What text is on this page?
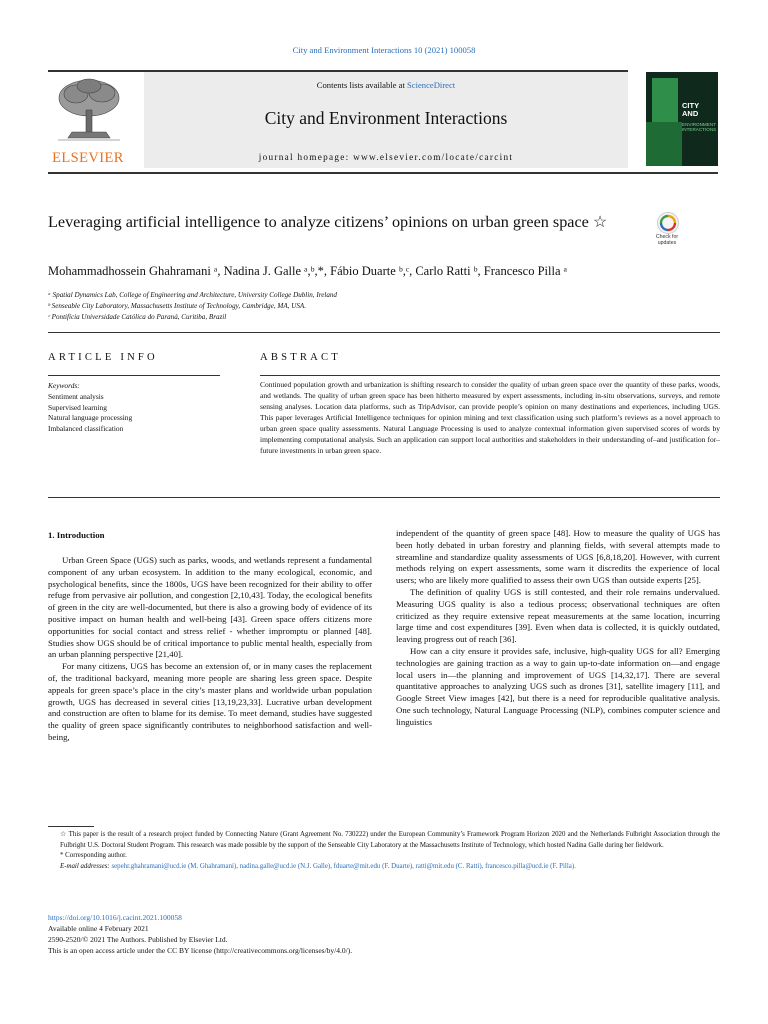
City and Environment Interactions 10 (2021) 100058
Contents lists available at ScienceDirect
City and Environment Interactions
journal homepage: www.elsevier.com/locate/carcint
ELSEVIER
CITY AND
ENVIRONMENT INTERACTIONS
Leveraging artificial intelligence to analyze citizens’ opinions on urban green space ☆
Check for updates
Mohammadhossein Ghahramani ᵃ, Nadina J. Galle ᵃ,ᵇ,*, Fábio Duarte ᵇ,ᶜ, Carlo Ratti ᵇ, Francesco Pilla ᵃ
ᵃ Spatial Dynamics Lab, College of Engineering and Architecture, University College Dublin, Ireland
ᵇ Senseable City Laboratory, Massachusetts Institute of Technology, Cambridge, MA, USA.
ᶜ Pontifícia Universidade Católica do Paraná, Curitiba, Brazil
ARTICLE INFO
Keywords:
Sentiment analysis
Supervised learning
Natural language processing
Imbalanced classification
ABSTRACT
Continued population growth and urbanization is shifting research to consider the quality of urban green space over the quantity of these parks, woods, and wetlands. The quality of urban green space has been hitherto measured by expert assessments, including in-situ observations, surveys, and remote sensing analyses. Location data platforms, such as TripAdvisor, can provide people’s opinion on many destinations and experiences, including UGS. This paper leverages Artificial Intelligence techniques for opinion mining and text classification using such platform’s reviews as a novel approach to urban green space quality assessments. Natural Language Processing is used to analyze contextual information given supervised scores of words by implementing computational analysis. Such an application can support local authorities and stakeholders in their understanding of–and justification for–future investments in urban green space.
1. Introduction

Urban Green Space (UGS) such as parks, woods, and wetlands represent a fundamental component of any urban ecosystem. In addition to the many ecological, economic, and psychological benefits, since the 1800s, UGS have been recognized for their ability to offer refuge from pervasive air pollution, and congestion [2,10,43]. Today, the ecological benefits of green in the city are well-documented, but there is also a growing body of evidence of its positive impact on human health and well-being [43]. Green space offers citizens more opportunities for social contact and stress relief - whether impromptu or planned [48]. Studies show UGS should be of critical importance to public mental health, especially from an urban planning perspective [21,40].

For many citizens, UGS has become an extension of, or in many cases the replacement of, the traditional backyard, meaning more people are sharing less green space. Despite appeals for green space’s place in the city’s master plans and worldwide urban population growth, UGS has decreased in several cities [13,19,23,33]. Lucrative urban development and construction are often to blame for its demise. To meet demand, studies have suggested the quality of green space significantly contributes to neighborhood satisfaction and well-being,

independent of the quantity of green space [48]. How to measure the quality of UGS has been hotly debated in urban forestry and planning fields, with several attempts made to streamline and standardize quality assessments of UGS [6,8,18,20]. However, with current methods relying on expert assessments, some warn it discredits the experience of local users; who are likely more qualified to assess their own UGS than outside experts [25].

The definition of quality UGS is still contested, and their role remains undervalued. Measuring UGS quality is also a tedious process; observational techniques are often criticized as they require extensive repeat measurements at the same location, incurring large time and cost expenditures [39]. Even when data is collected, it is quickly outdated, leaving progress out of reach [36].

How can a city ensure it provides safe, inclusive, high-quality UGS for all? Emerging technologies are gaining traction as a way to gain up-to-date information on—and engage local users in—the planning and improvement of UGS [14,32,17]. There are several quantitative approaches to analyzing UGS such as drones [31], satellite imagery [11], and Google Street View images [42], but there is a need for reproducible qualitative analysis. One such technology, Natural Language Processing (NLP), combines computer science and linguistics

☆ This paper is the result of a research project funded by Connecting Nature (Grant Agreement No. 730222) under the European Community’s Framework Program Horizon 2020 and the Netherlands Fulbright Association through the Fulbright U.S. Doctoral Student Program. This research was made possible by the support of the Senseable City Laboratory at the Massachusetts Institute of Technology, which hosted Nadina Galle during her fieldwork.
* Corresponding author.
E-mail addresses: sepehr.ghahramani@ucd.ie (M. Ghahramani), nadina.galle@ucd.ie (N.J. Galle), fduarte@mit.edu (F. Duarte), ratti@mit.edu (C. Ratti), francesco.pilla@ucd.ie (F. Pilla).
https://doi.org/10.1016/j.cacint.2021.100058
Available online 4 February 2021
2590-2520/© 2021 The Authors. Published by Elsevier Ltd.
This is an open access article under the CC BY license (http://creativecommons.org/licenses/by/4.0/).
